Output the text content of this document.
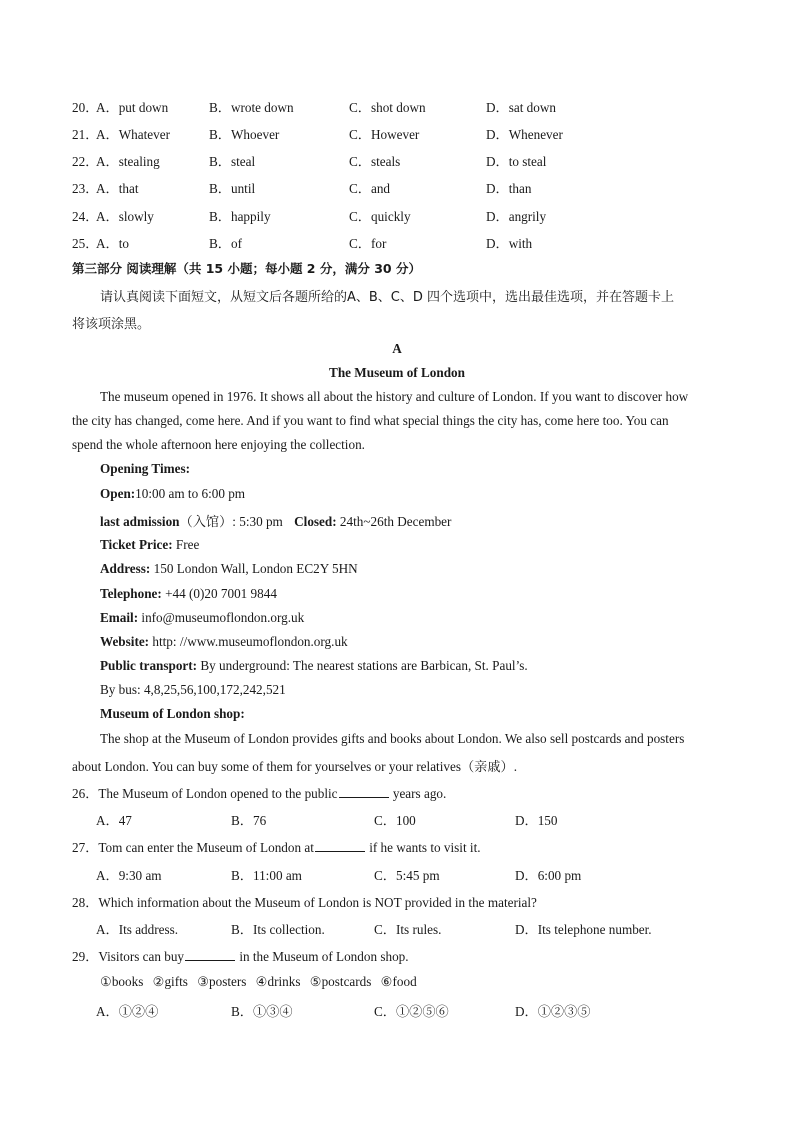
20．
A．put down	B．wrote down	C．shot down	D．sat down
21．
A．Whatever	B．Whoever	C．However	D．Whenever
22．
A．stealing	B．steal	C．steals	D．to steal
23．
A．that	B．until	C．and	D．than
24．
A．slowly	B．happily	C．quickly	D．angrily
25．
A．to	B．of	C．for	D．with
第三部分 阅读理解（共 15 小题；每小题 2 分，满分 30 分）
请认真阅读下面短文，从短文后各题所给的A、B、C、D 四个选项中，选出最佳选项，并在答题卡上
将该项涂黑。
A
The Museum of London
The museum opened in 1976. It shows all about the history and culture of London. If you want to discover how
the city has changed, come here. And if you want to find what special things the city has, come here too. You can
spend the whole afternoon here enjoying the collection.
Opening Times:
Open:10:00 am to 6:00 pm
last admission（入馆）: 5:30 pm Closed: 24th~26th December
Ticket Price: Free
Address: 150 London Wall, London EC2Y 5HN
Telephone: +44 (0)20 7001 9844
Email: info@museumoflondon.org.uk
Website: http: //www.museumoflondon.org.uk
Public transport: By underground: The nearest stations are Barbican, St. Paul’s.
By bus: 4,8,25,56,100,172,242,521
Museum of London shop:
The shop at the Museum of London provides gifts and books about London. We also sell postcards and posters
about London. You can buy some of them for yourselves or your relatives（亲戚）.
26．The Museum of London opened to the public	years ago.
A．47	B．76	C．100	D．150
27．Tom can enter the Museum of London at	if he wants to visit it.
A．9:30 am	B．11:00 am	C．5:45 pm	D．6:00 pm
28．Which information about the Museum of London is NOT provided in the material?
A．Its address.	B．Its collection.	C．Its rules.	D．Its telephone number.
29．Visitors can buy	in the Museum of London shop.
①books ②gifts ③posters ④drinks ⑤postcards ⑥food
A．①②④	B．①③④	C．①②⑤⑥	D．①②③⑤
